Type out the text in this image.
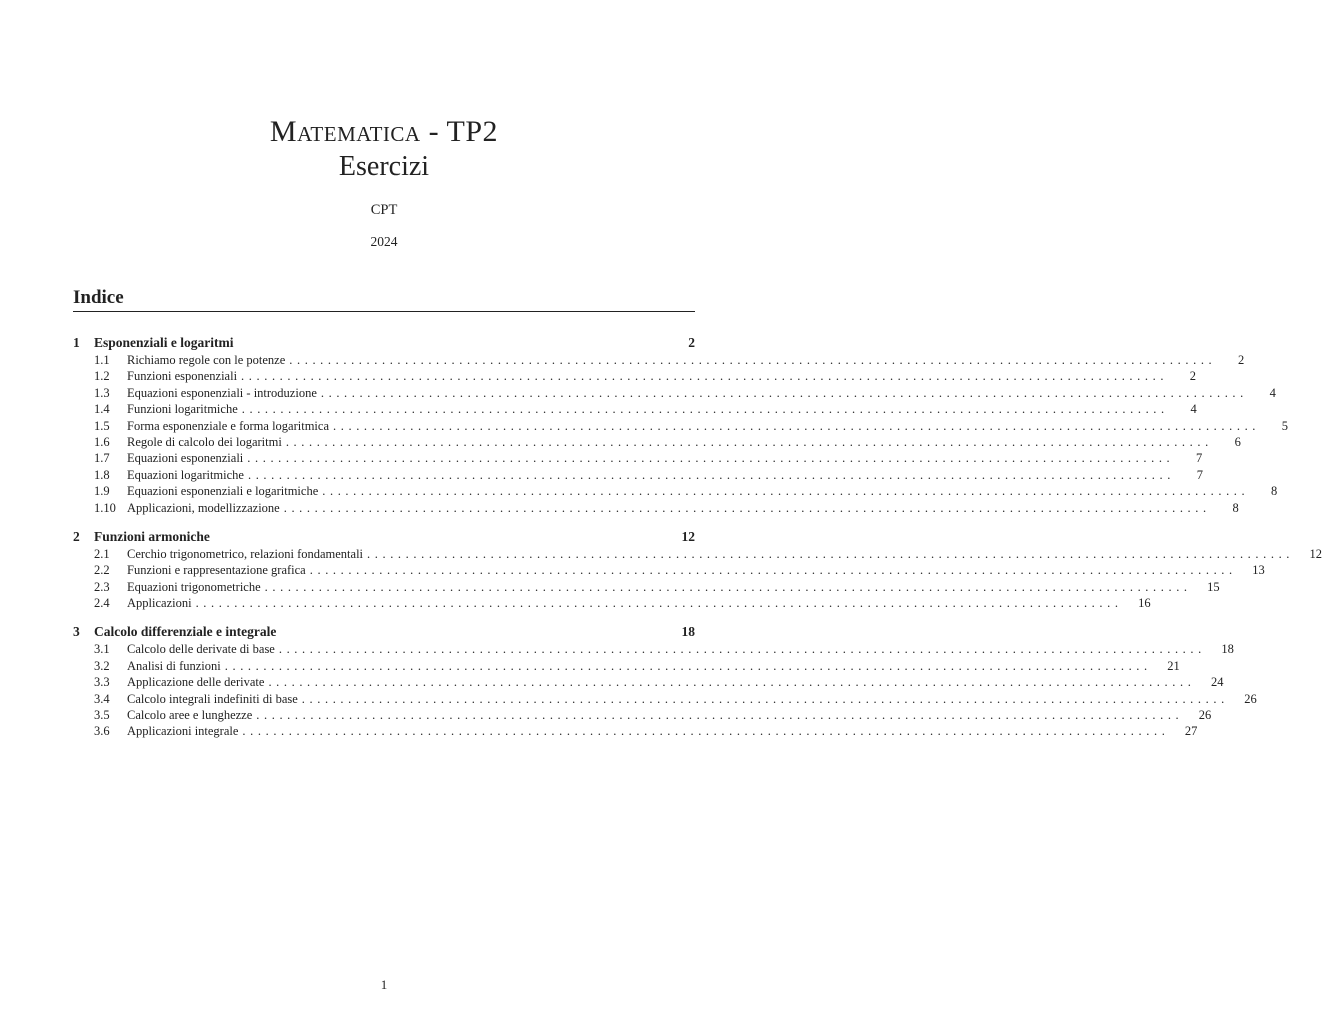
Matematica - TP2
Esercizi
CPT
2024
Indice
1	Esponenziali e logaritmi	2
1.1	Richiamo regole con le potenze ........................................................................................................................	2
1.2	Funzioni esponenziali ........................................................................................................................	2
1.3	Equazioni esponenziali - introduzione ........................................................................................................................	4
1.4	Funzioni logaritmiche ........................................................................................................................	4
1.5	Forma esponenziale e forma logaritmica ........................................................................................................................	5
1.6	Regole di calcolo dei logaritmi ........................................................................................................................	6
1.7	Equazioni esponenziali ........................................................................................................................	7
1.8	Equazioni logaritmiche ........................................................................................................................	7
1.9	Equazioni esponenziali e logaritmiche ........................................................................................................................	8
1.10 Applicazioni, modellizzazione ........................................................................................................................	8
2	Funzioni armoniche	12
2.1	Cerchio trigonometrico, relazioni fondamentali ........................................................................................................................	12
2.2	Funzioni e rappresentazione grafica ........................................................................................................................	13
2.3	Equazioni trigonometriche ........................................................................................................................	15
2.4	Applicazioni ........................................................................................................................	16
3	Calcolo differenziale e integrale	18
3.1	Calcolo delle derivate di base ........................................................................................................................	18
3.2	Analisi di funzioni ........................................................................................................................	21
3.3	Applicazione delle derivate ........................................................................................................................	24
3.4	Calcolo integrali indefiniti di base ........................................................................................................................	26
3.5	Calcolo aree e lunghezze ........................................................................................................................	26
3.6	Applicazioni integrale ........................................................................................................................	27
1
